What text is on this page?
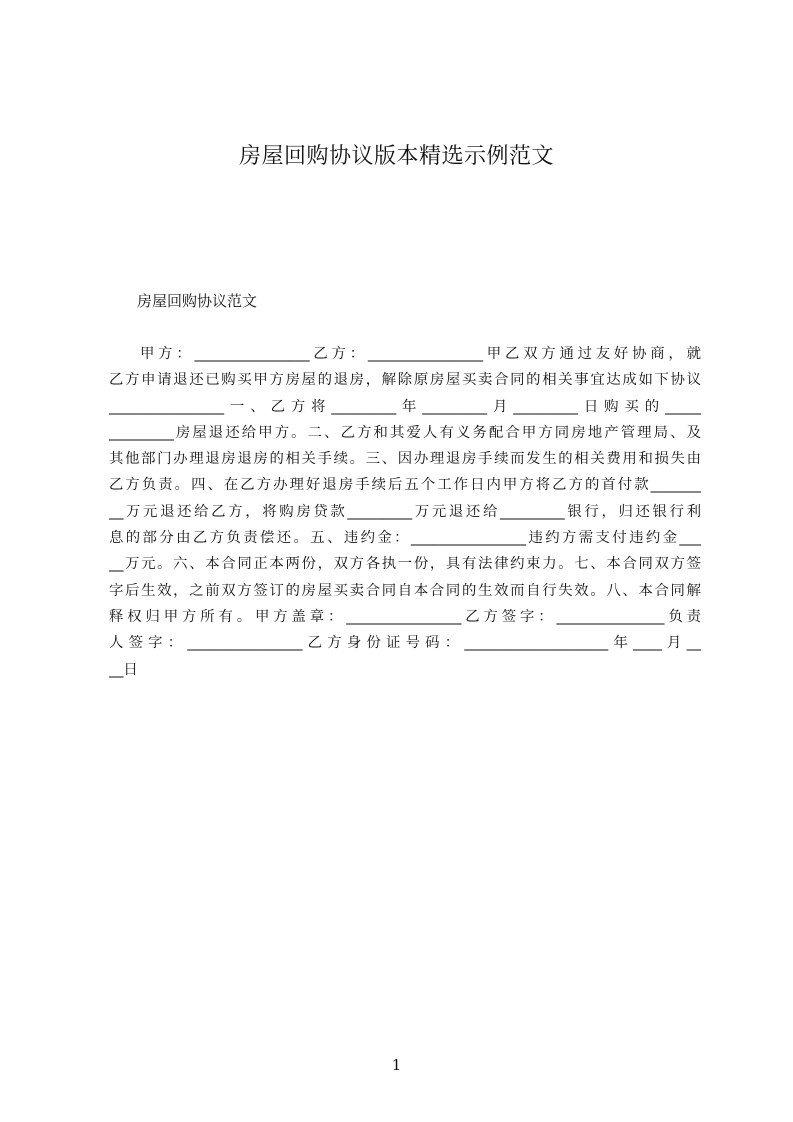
房屋回购协议版本精选示例范文
房屋回购协议范文
甲方：________________乙方：________________甲乙双方通过友好协商，就
乙方申请退还已购买甲方房屋的退房，解除原房屋买卖合同的相关事宜达成如下协议
________________一、乙方将_________年_________月_________日购买的_____
_________房屋退还给甲方。二、乙方和其爱人有义务配合甲方同房地产管理局、及
其他部门办理退房退房的相关手续。三、因办理退房手续而发生的相关费用和损失由
乙方负责。四、在乙方办理好退房手续后五个工作日内甲方将乙方的首付款_______
__万元退还给乙方，将购房贷款_________万元退还给_________银行，归还银行利
息的部分由乙方负责偿还。五、违约金：________________违约方需支付违约金___
__万元。六、本合同正本两份，双方各执一份，具有法律约束力。七、本合同双方签
字后生效，之前双方签订的房屋买卖合同自本合同的生效而自行失效。八、本合同解
释权归甲方所有。甲方盖章：________________乙方签字：_______________负责
人签字：________________乙方身份证号码：____________________年____月__
__日
1
